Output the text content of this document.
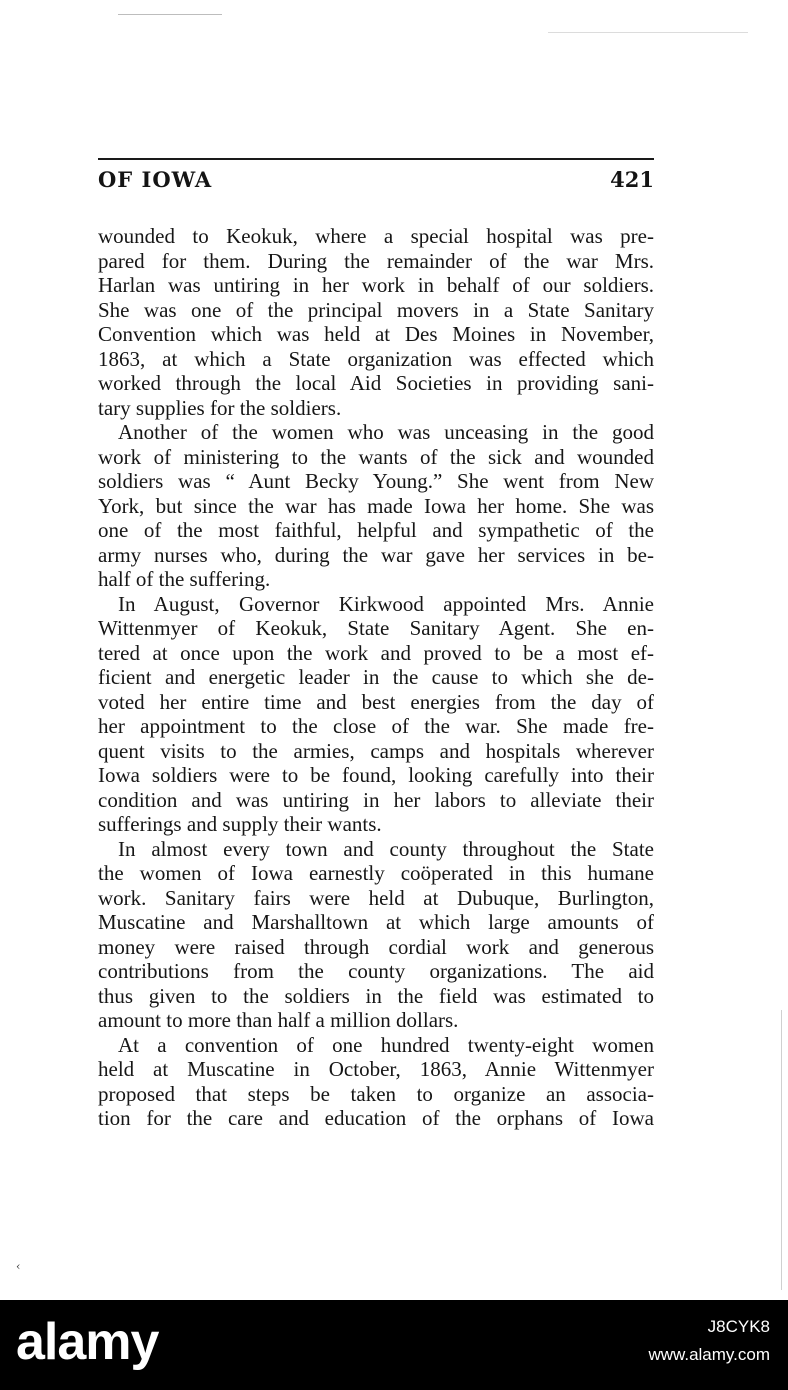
‹
OF IOWA	421
wounded to Keokuk, where a special hospital was pre-
pared for them. During the remainder of the war Mrs.
Harlan was untiring in her work in behalf of our soldiers.
She was one of the principal movers in a State Sanitary
Convention which was held at Des Moines in November,
1863, at which a State organization was effected which
worked through the local Aid Societies in providing sani-
tary supplies for the soldiers.
Another of the women who was unceasing in the good
work of ministering to the wants of the sick and wounded
soldiers was “ Aunt Becky Young.” She went from New
York, but since the war has made Iowa her home. She was
one of the most faithful, helpful and sympathetic of the
army nurses who, during the war gave her services in be-
half of the suffering.
In August, Governor Kirkwood appointed Mrs. Annie
Wittenmyer of Keokuk, State Sanitary Agent. She en-
tered at once upon the work and proved to be a most ef-
ficient and energetic leader in the cause to which she de-
voted her entire time and best energies from the day of
her appointment to the close of the war. She made fre-
quent visits to the armies, camps and hospitals wherever
Iowa soldiers were to be found, looking carefully into their
condition and was untiring in her labors to alleviate their
sufferings and supply their wants.
In almost every town and county throughout the State
the women of Iowa earnestly coöperated in this humane
work. Sanitary fairs were held at Dubuque, Burlington,
Muscatine and Marshalltown at which large amounts of
money were raised through cordial work and generous
contributions from the county organizations. The aid
thus given to the soldiers in the field was estimated to
amount to more than half a million dollars.
At a convention of one hundred twenty-eight women
held at Muscatine in October, 1863, Annie Wittenmyer
proposed that steps be taken to organize an associa-
tion for the care and education of the orphans of Iowa
alamy	J8CYK8
www.alamy.com
